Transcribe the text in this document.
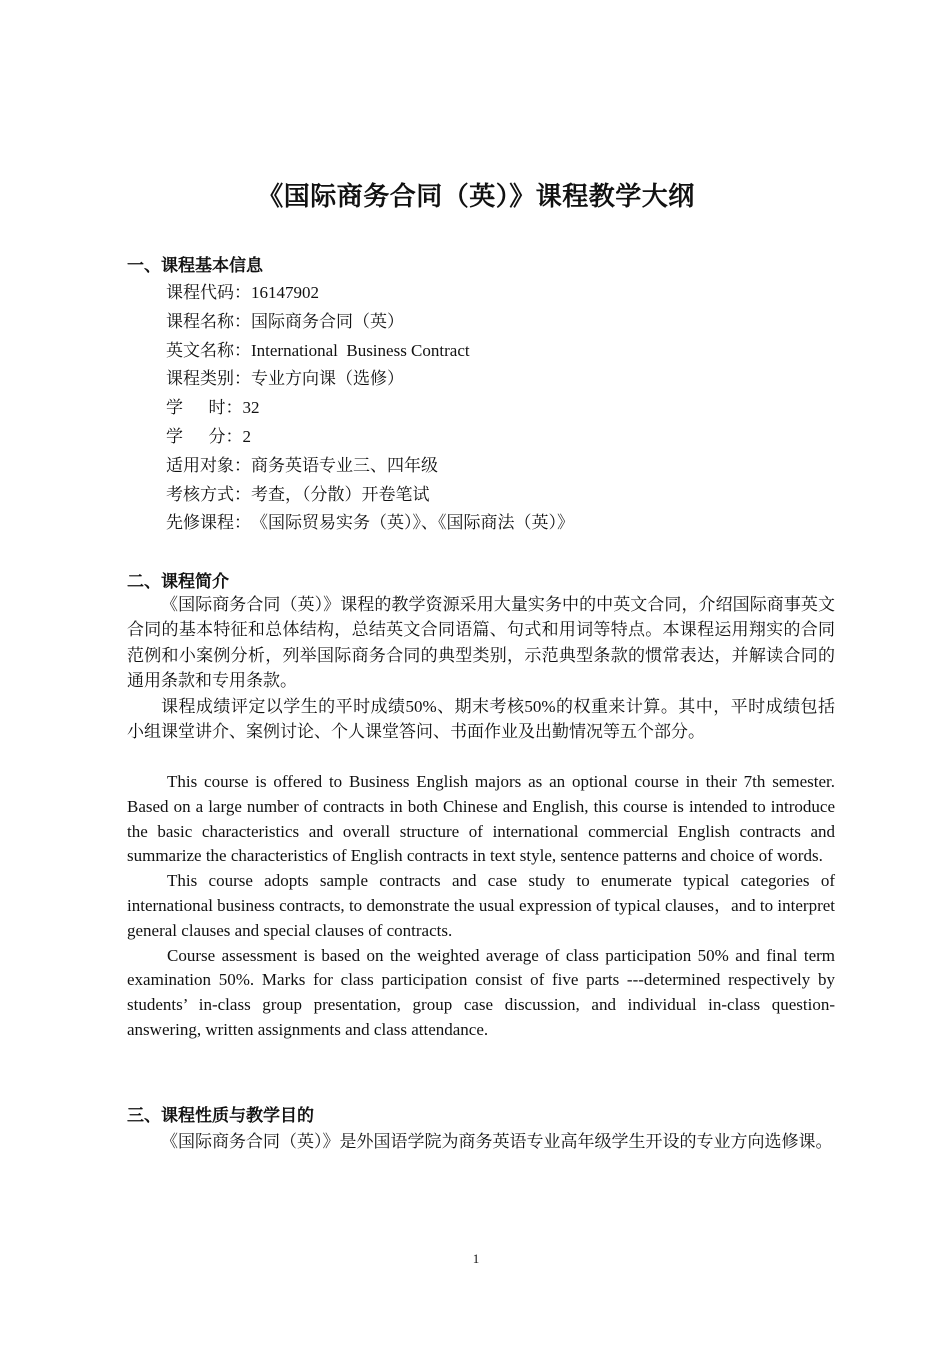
《国际商务合同（英）》课程教学大纲
一、课程基本信息
课程代码：16147902
课程名称：国际商务合同（英）
英文名称：International  Business Contract
课程类别：专业方向课（选修）
学      时：32
学      分：2
适用对象：商务英语专业三、四年级
考核方式：考查，（分散）开卷笔试
先修课程：《国际贸易实务（英）》、《国际商法（英）》
二、课程简介

《国际商务合同（英）》课程的教学资源采用大量实务中的中英文合同，介绍国际商事英文合同的基本特征和总体结构，总结英文合同语篇、句式和用词等特点。本课程运用翔实的合同范例和小案例分析，列举国际商务合同的典型类别，示范典型条款的惯常表达，并解读合同的通用条款和专用条款。

课程成绩评定以学生的平时成绩50%、期末考核50%的权重来计算。其中，平时成绩包括小组课堂讲介、案例讨论、个人课堂答问、书面作业及出勤情况等五个部分。

This course is offered to Business English majors as an optional course in their 7th semester. Based on a large number of contracts in both Chinese and English, this course is intended to introduce the basic characteristics and overall structure of international commercial English contracts and summarize the characteristics of English contracts in text style, sentence patterns and choice of words.

This course adopts sample contracts and case study to enumerate typical categories of international business contracts, to demonstrate the usual expression of typical clauses，and to interpret general clauses and special clauses of contracts.

Course assessment is based on the weighted average of class participation 50% and final term examination 50%. Marks for class participation consist of five parts ---determined respectively by students’ in-class group presentation, group case discussion, and individual in-class question-answering, written assignments and class attendance.

三、课程性质与教学目的

《国际商务合同（英）》是外国语学院为商务英语专业高年级学生开设的专业方向选修课。

1
